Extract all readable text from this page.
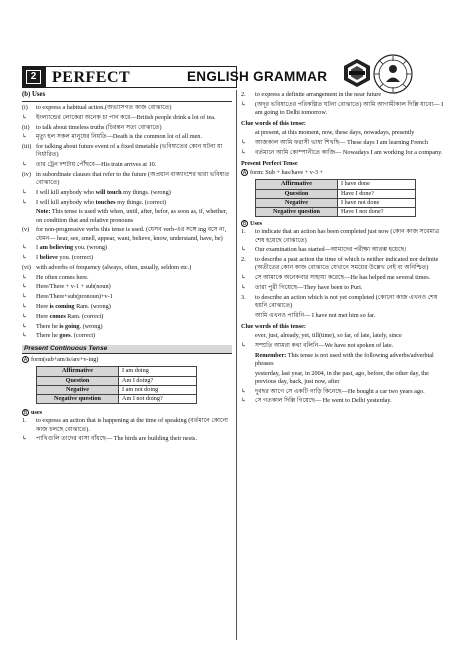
2 PERFECT	ENGLISH GRAMMAR
(b) Uses
(i)	to express a habitual action.(অভ্যাসগত কাজ বোঝাতে)
↳	ইংল্যান্ডের লোকেরা অনেক চা পান করে—British people drink a lot of tea.
(ii)	to talk about timeless truths (চিরন্তন সত্য বোঝাতে)
↳	মৃত্যু হল সকল মানুষের নিয়তি—Death is the common lot of all men.
(iii) for talking about future event of a fixed timetable (ভবিষ্যতের কোন ঘটনা যা নির্ধারিত)
↳	তার ট্রেন দশটায় পৌঁছবে—His train arrives at 10.
(iv) in subordinate clauses that refer to the future (অপ্রধান বাক্যাংশের দ্বারা ভবিষ্যত বোঝাতে)
↳	I will kill anybody who will touch my things. (wrong)
↳	I will kill anybody who touches my things. (correct)
Note: This tense is used with when, until, after, befor, as soon as, if, whether, on condition that and relative pronouns
(v)	for non-progressive verbs this tense is used. (যেসব verb-এর সঙ্গে ing বসে না, যেমন— hear, see, smell, appear, want, believe, know, understand, have, be)
↳	I am believing you. (wrong)
↳	I believe you. (correct)
(vi) with adverbs of frequency (always, often, usually, seldom etc.)
↳	He often comes here.
↳	Here/There + v-1 + sub(noun)
↳	Here/There+sub(pronoun)+v-1
↳	Here is coming Ram. (wrong)
↳	Here comes Ram. (correct)
↳	There he is going. (wrong)
↳	There he goes. (correct)
Present Continuous Tense
A form(sub+am/is/are+v-ing)
Affirmative	I am doing
Question	Am I doing?
Negative	I am not doing
Negative question	Am I not doing?
B uses
1.	to express an action that is happening at the time of speaking (বর্তমানে কোনো কাজ চলছে বোঝাতে).
↳	পাখিগুলি তাদের বাসা বাঁধছে— The birds are building their nests.
2.	to express a definite arrangement in the near future
↳	(অদূর ভবিষ্যতের পরিকল্পিত ঘটনা বোঝাতে) আমি আগামীকাল দিল্লি যাবো— I am going to Delhi tomorrow.
Clue words of this tense:
at present, at this moment, now, these days, nowadays, presently
↳	আজকাল আমি ফরাসী ভাষা শিখছি— These days I am learning French
↳	বর্তমানে আমি কোম্পানীতে কাজি— Nowadays I am working for a company.
Present Perfect Tense
A form: Sub + has/have + v-3 +
Affirmative	I have done
Question	Have I done?
Negative	I have not done
Negative question	Have I not done?
B Uses
1.	to indicate that an action has been completed just now (কোন কাজ সবেমাত্র শেষ হয়েছে বোঝাতে)
↳	Our examination has started—আমাদের পরীক্ষা আরম্ভ হয়েছে।
2.	to describe a past action the time of which is neither indicated nor definite (অতীতের কোন কাজ বোঝাতে যেখানে সময়ের উল্লেখ নেই বা অনিশ্চিত)
↳	সে আমাকে অনেকবার সাহায্য করেছে—He has helped me several times.
↳	তারা পুরী গিয়েছে—They have been to Puri.
3.	to describe an action which is not yet completed (কোনো কাজ এখনও শেষ হয়নি বোঝাতে)
আমি এখনও পারিনি— I have not met him so far.
Clue words of this tense:
ever, just, already, yet, till(time), so far, of late, lately, since
↳	সম্প্রতি আমরা কথা বলিনি—We have not spoken of late.
Remember: This tense is not used with the following adverbs/adverbial phrases
yesterday, last year, in 2004, in the past, ago, before, the other day, the previous day, back, just now, after
↳	দুবছর আগে সে একটি গাড়ি কিনেছে—He bought a car two years ago.
↳	সে গতকাল দিল্লি গিয়েছে— He went to Delhi yesterday.
